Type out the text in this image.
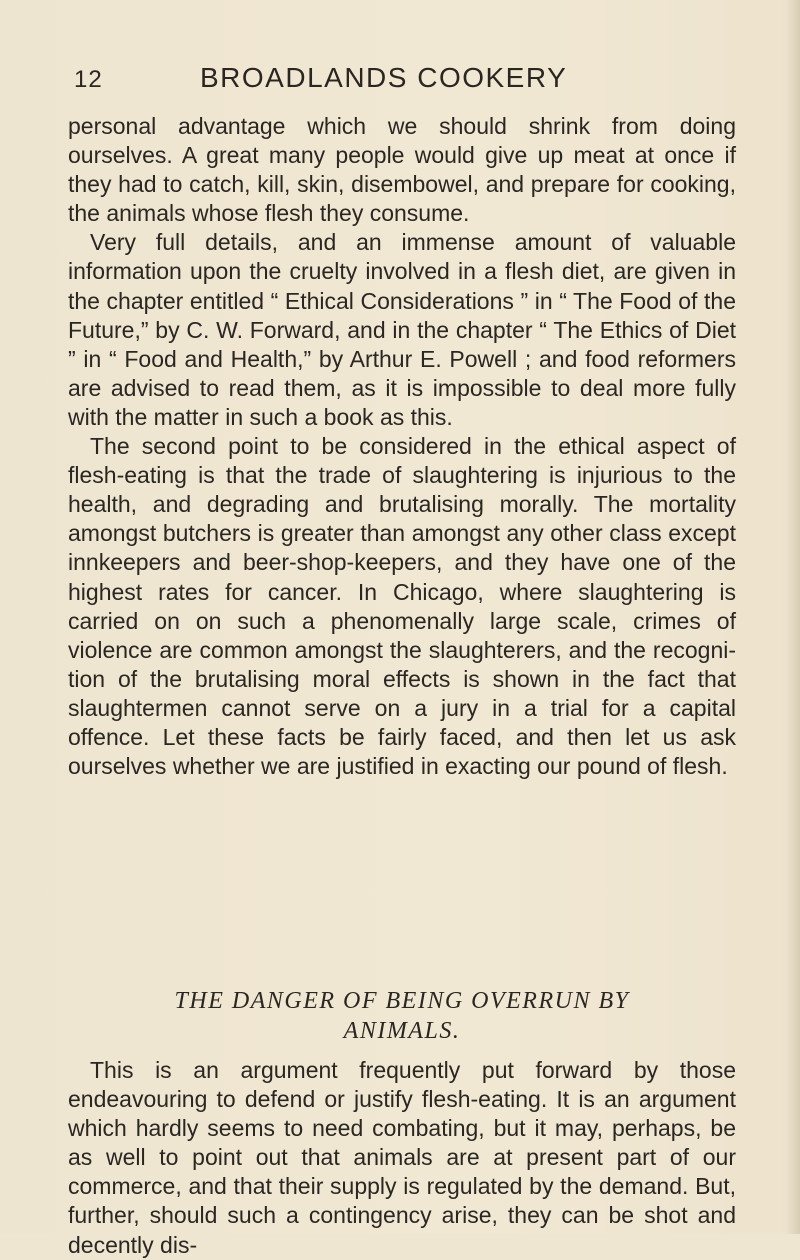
12	BROADLANDS COOKERY

personal advantage which we should shrink from doing ourselves. A great many people would give up meat at once if they had to catch, kill, skin, disembowel, and prepare for cooking, the animals whose flesh they consume.

Very full details, and an immense amount of valuable information upon the cruelty involved in a flesh diet, are given in the chapter entitled “ Ethical Considerations ” in “ The Food of the Future,” by C. W. Forward, and in the chapter “ The Ethics of Diet ” in “ Food and Health,” by Arthur E. Powell ; and food reformers are advised to read them, as it is impossible to deal more fully with the matter in such a book as this.

The second point to be considered in the ethical aspect of flesh-eating is that the trade of slaughtering is injurious to the health, and degrading and brutalising morally. The mortality amongst butchers is greater than amongst any other class except innkeepers and beer-shop-keepers, and they have one of the highest rates for cancer. In Chicago, where slaughtering is carried on on such a phenomenally large scale, crimes of violence are common amongst the slaughterers, and the recogni-tion of the brutalising moral effects is shown in the fact that slaughtermen cannot serve on a jury in a trial for a capital offence. Let these facts be fairly faced, and then let us ask ourselves whether we are justified in exacting our pound of flesh.

THE DANGER OF BEING OVERRUN BY
ANIMALS.

This is an argument frequently put forward by those endeavouring to defend or justify flesh-eating. It is an argument which hardly seems to need combating, but it may, perhaps, be as well to point out that animals are at present part of our commerce, and that their supply is regulated by the demand. But, further, should such a contingency arise, they can be shot and decently dis-
